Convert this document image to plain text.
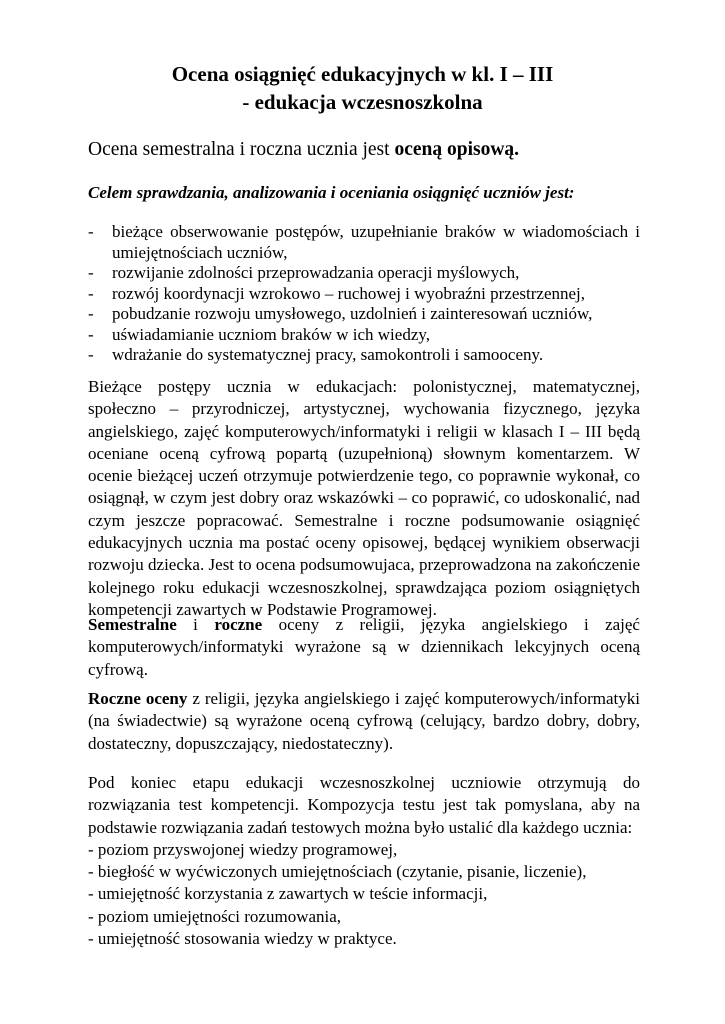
Ocena osiągnięć edukacyjnych w kl. I – III
- edukacja wczesnoszkolna
Ocena semestralna i roczna ucznia jest oceną opisową.
Celem sprawdzania, analizowania i oceniania osiągnięć uczniów jest:
- bieżące obserwowanie postępów, uzupełnianie braków w wiadomościach i umiejętnościach uczniów,
- rozwijanie zdolności przeprowadzania operacji myślowych,
- rozwój koordynacji wzrokowo – ruchowej i wyobraźni przestrzennej,
- pobudzanie rozwoju umysłowego, uzdolnień i zainteresowań uczniów,
- uświadamianie uczniom braków w ich wiedzy,
- wdrażanie do systematycznej pracy, samokontroli i samooceny.

Bieżące postępy ucznia w edukacjach: polonistycznej, matematycznej, społeczno – przyrodniczej, artystycznej, wychowania fizycznego, języka angielskiego, zajęć komputerowych/informatyki i religii w klasach I – III będą oceniane oceną cyfrową popartą (uzupełnioną) słownym komentarzem. W ocenie bieżącej uczeń otrzymuje potwierdzenie tego, co poprawnie wykonał, co osiągnął, w czym jest dobry oraz wskazówki – co poprawić, co udoskonalić, nad czym jeszcze popracować. Semestralne i roczne podsumowanie osiągnięć edukacyjnych ucznia ma postać oceny opisowej, będącej wynikiem obserwacji rozwoju dziecka. Jest to ocena podsumowujaca, przeprowadzona na zakończenie kolejnego roku edukacji wczesnoszkolnej, sprawdzająca poziom osiągniętych kompetencji zawartych w Podstawie Programowej.

Semestralne i roczne oceny z religii, języka angielskiego i zajęć komputerowych/informatyki wyrażone są w dziennikach lekcyjnych oceną cyfrową.

Roczne oceny z religii, języka angielskiego i zajęć komputerowych/informatyki (na świadectwie) są wyrażone oceną cyfrową (celujący, bardzo dobry, dobry, dostateczny, dopuszczający, niedostateczny).

Pod koniec etapu edukacji wczesnoszkolnej uczniowie otrzymują do rozwiązania test kompetencji. Kompozycja testu jest tak pomyslana, aby na podstawie rozwiązania zadań testowych można było ustalić dla każdego ucznia:
- poziom przyswojonej wiedzy programowej,
- biegłość w wyćwiczonych umiejętnościach (czytanie, pisanie, liczenie),
- umiejętność korzystania z zawartych w teście informacji,
- poziom umiejętności rozumowania,
- umiejętność stosowania wiedzy w praktyce.
